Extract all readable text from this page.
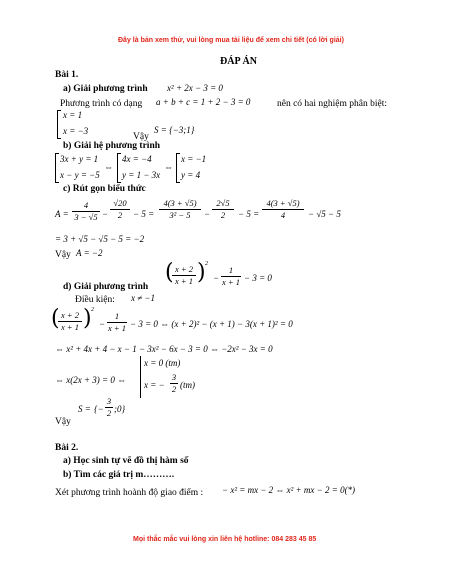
Đây là bản xem thử, vui lòng mua tài liệu để xem chi tiết (có lời giải)
Mọi thắc mắc vui lòng xin liên hệ hotline: 084 283 45 85
ĐÁP ÁN
Bài 1.
a) Giải phương trình x² + 2x − 3 = 0
Phương trình có dạng a + b + c = 1 + 2 − 3 = 0	nên có hai nghiệm phân biệt:
x = 1
x = −3
Vậy
S = {−3;1}
b) Giải hệ phương trình
3x + y = 1
x − y = −5
⇔
4x = −4
y = 1 − 3x
⇔
x = −1
y = 4
c) Rút gọn biểu thức
$A = \frac{4}{3 - √5} - \frac{√20}{2} - 5 = \frac{4(3 + √5)}{\text{3² − 5}} - \frac{2√5}{2} - 5 = \frac{4(3 + √5)}{4} - √5 - 5$
= 3 + √5 − √5 − 5 = −2
Vậy A = −2
d) Giải phương trình
(
$\frac{x + 2}{x + 1}$ ) 2
− $\frac{1}{x + 1} - 3 = 0$
Điều kiện: x ≠ −1
(
$\frac{x + 2}{x + 1}$ ) 2
− $\frac{1}{x + 1} - 3 = 0$ ⇔ (x + 2)² − (x + 1) − 3(x + 1)² = 0
⇔ x² + 4x + 4 − x − 1 − 3x² − 6x − 3 = 0 ⇔ −2x² − 3x = 0
⇔ x(2x + 3) = 0 ⇔
x = 0 (tm)
x = − $\frac{3}{2} (tm)$
Vậy
S = {− $\frac{3}{2}$ ;0}
Bài 2.
a) Học sinh tự vẽ đồ thị hàm số
b) Tìm các giá trị m……….
Xét phương trình hoành độ giao điểm : − x² = mx − 2 ⇔ x² + mx − 2 = 0(*)
